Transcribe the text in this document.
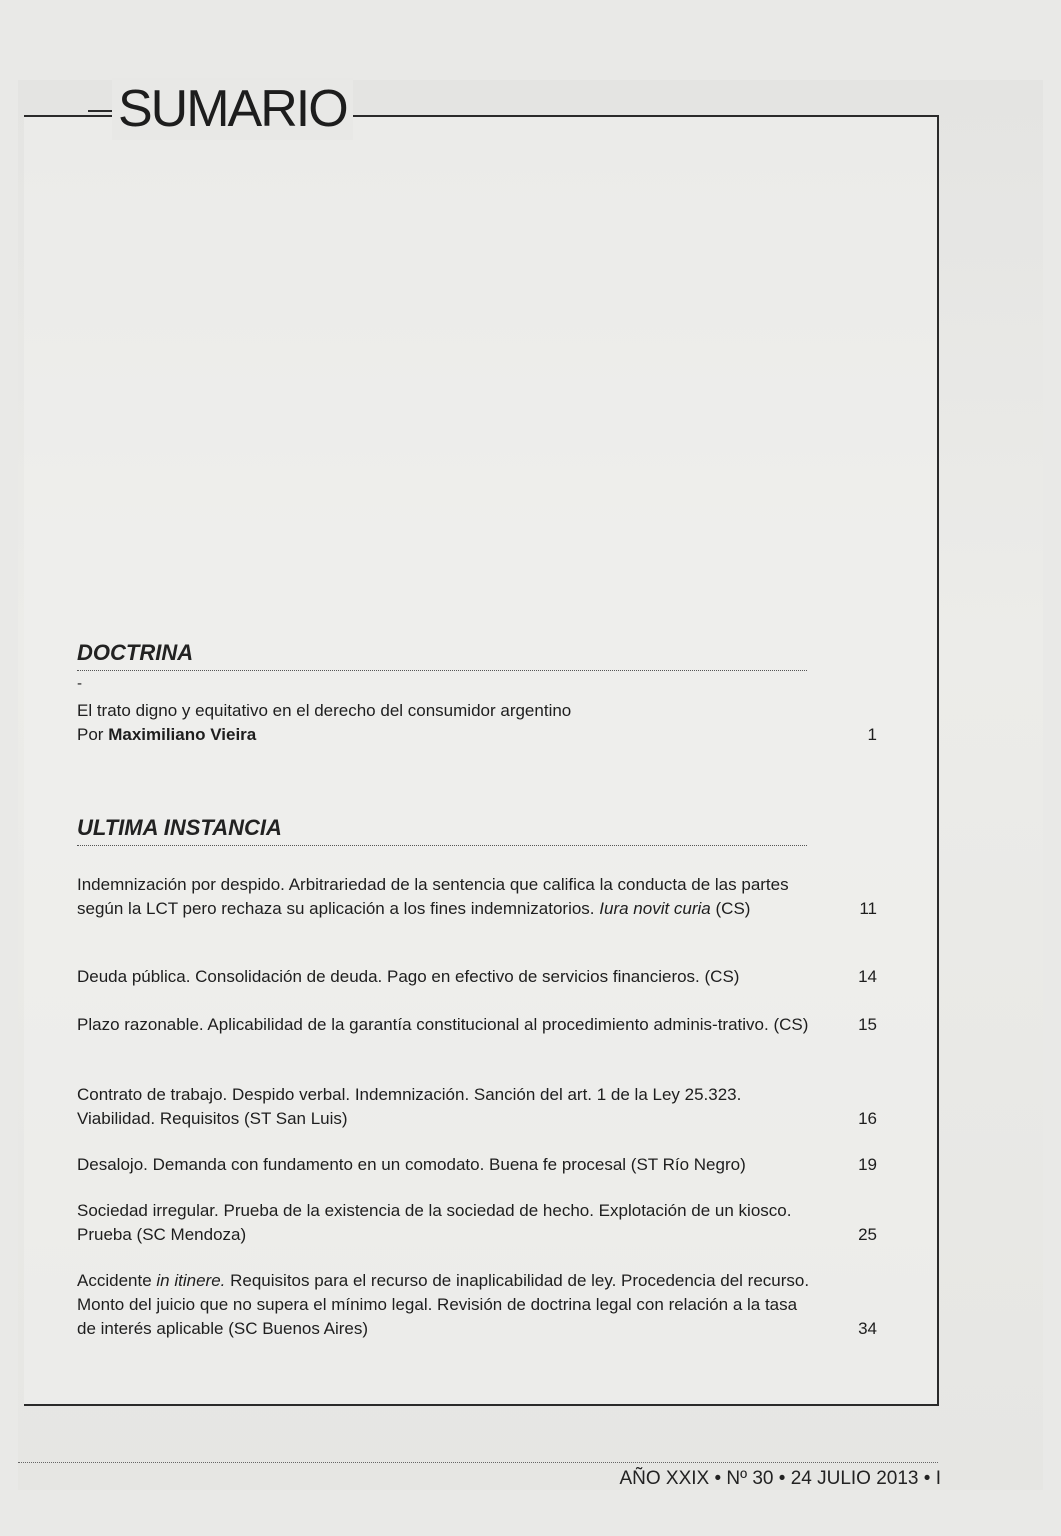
SUMARIO
DOCTRINA
-
El trato digno y equitativo en el derecho del consumidor argentino
Por Maximiliano Vieira	1
ULTIMA INSTANCIA
Indemnización por despido. Arbitrariedad de la sentencia que califica la conducta de las partes según la LCT pero rechaza su aplicación a los fines indemnizatorios. Iura novit curia (CS)	11
Deuda pública. Consolidación de deuda. Pago en efectivo de servicios financieros. (CS)	14
Plazo razonable. Aplicabilidad de la garantía constitucional al procedimiento adminis-trativo. (CS)	15
Contrato de trabajo. Despido verbal. Indemnización. Sanción del art. 1 de la Ley 25.323. Viabilidad. Requisitos (ST San Luis)	16
Desalojo. Demanda con fundamento en un comodato. Buena fe procesal (ST Río Negro)	19
Sociedad irregular. Prueba de la existencia de la sociedad de hecho. Explotación de un kiosco. Prueba (SC Mendoza)	25
Accidente in itinere. Requisitos para el recurso de inaplicabilidad de ley. Procedencia del recurso. Monto del juicio que no supera el mínimo legal. Revisión de doctrina legal con relación a la tasa de interés aplicable (SC Buenos Aires)	34
AÑO XXIX • Nº 30 • 24 JULIO 2013 • I
